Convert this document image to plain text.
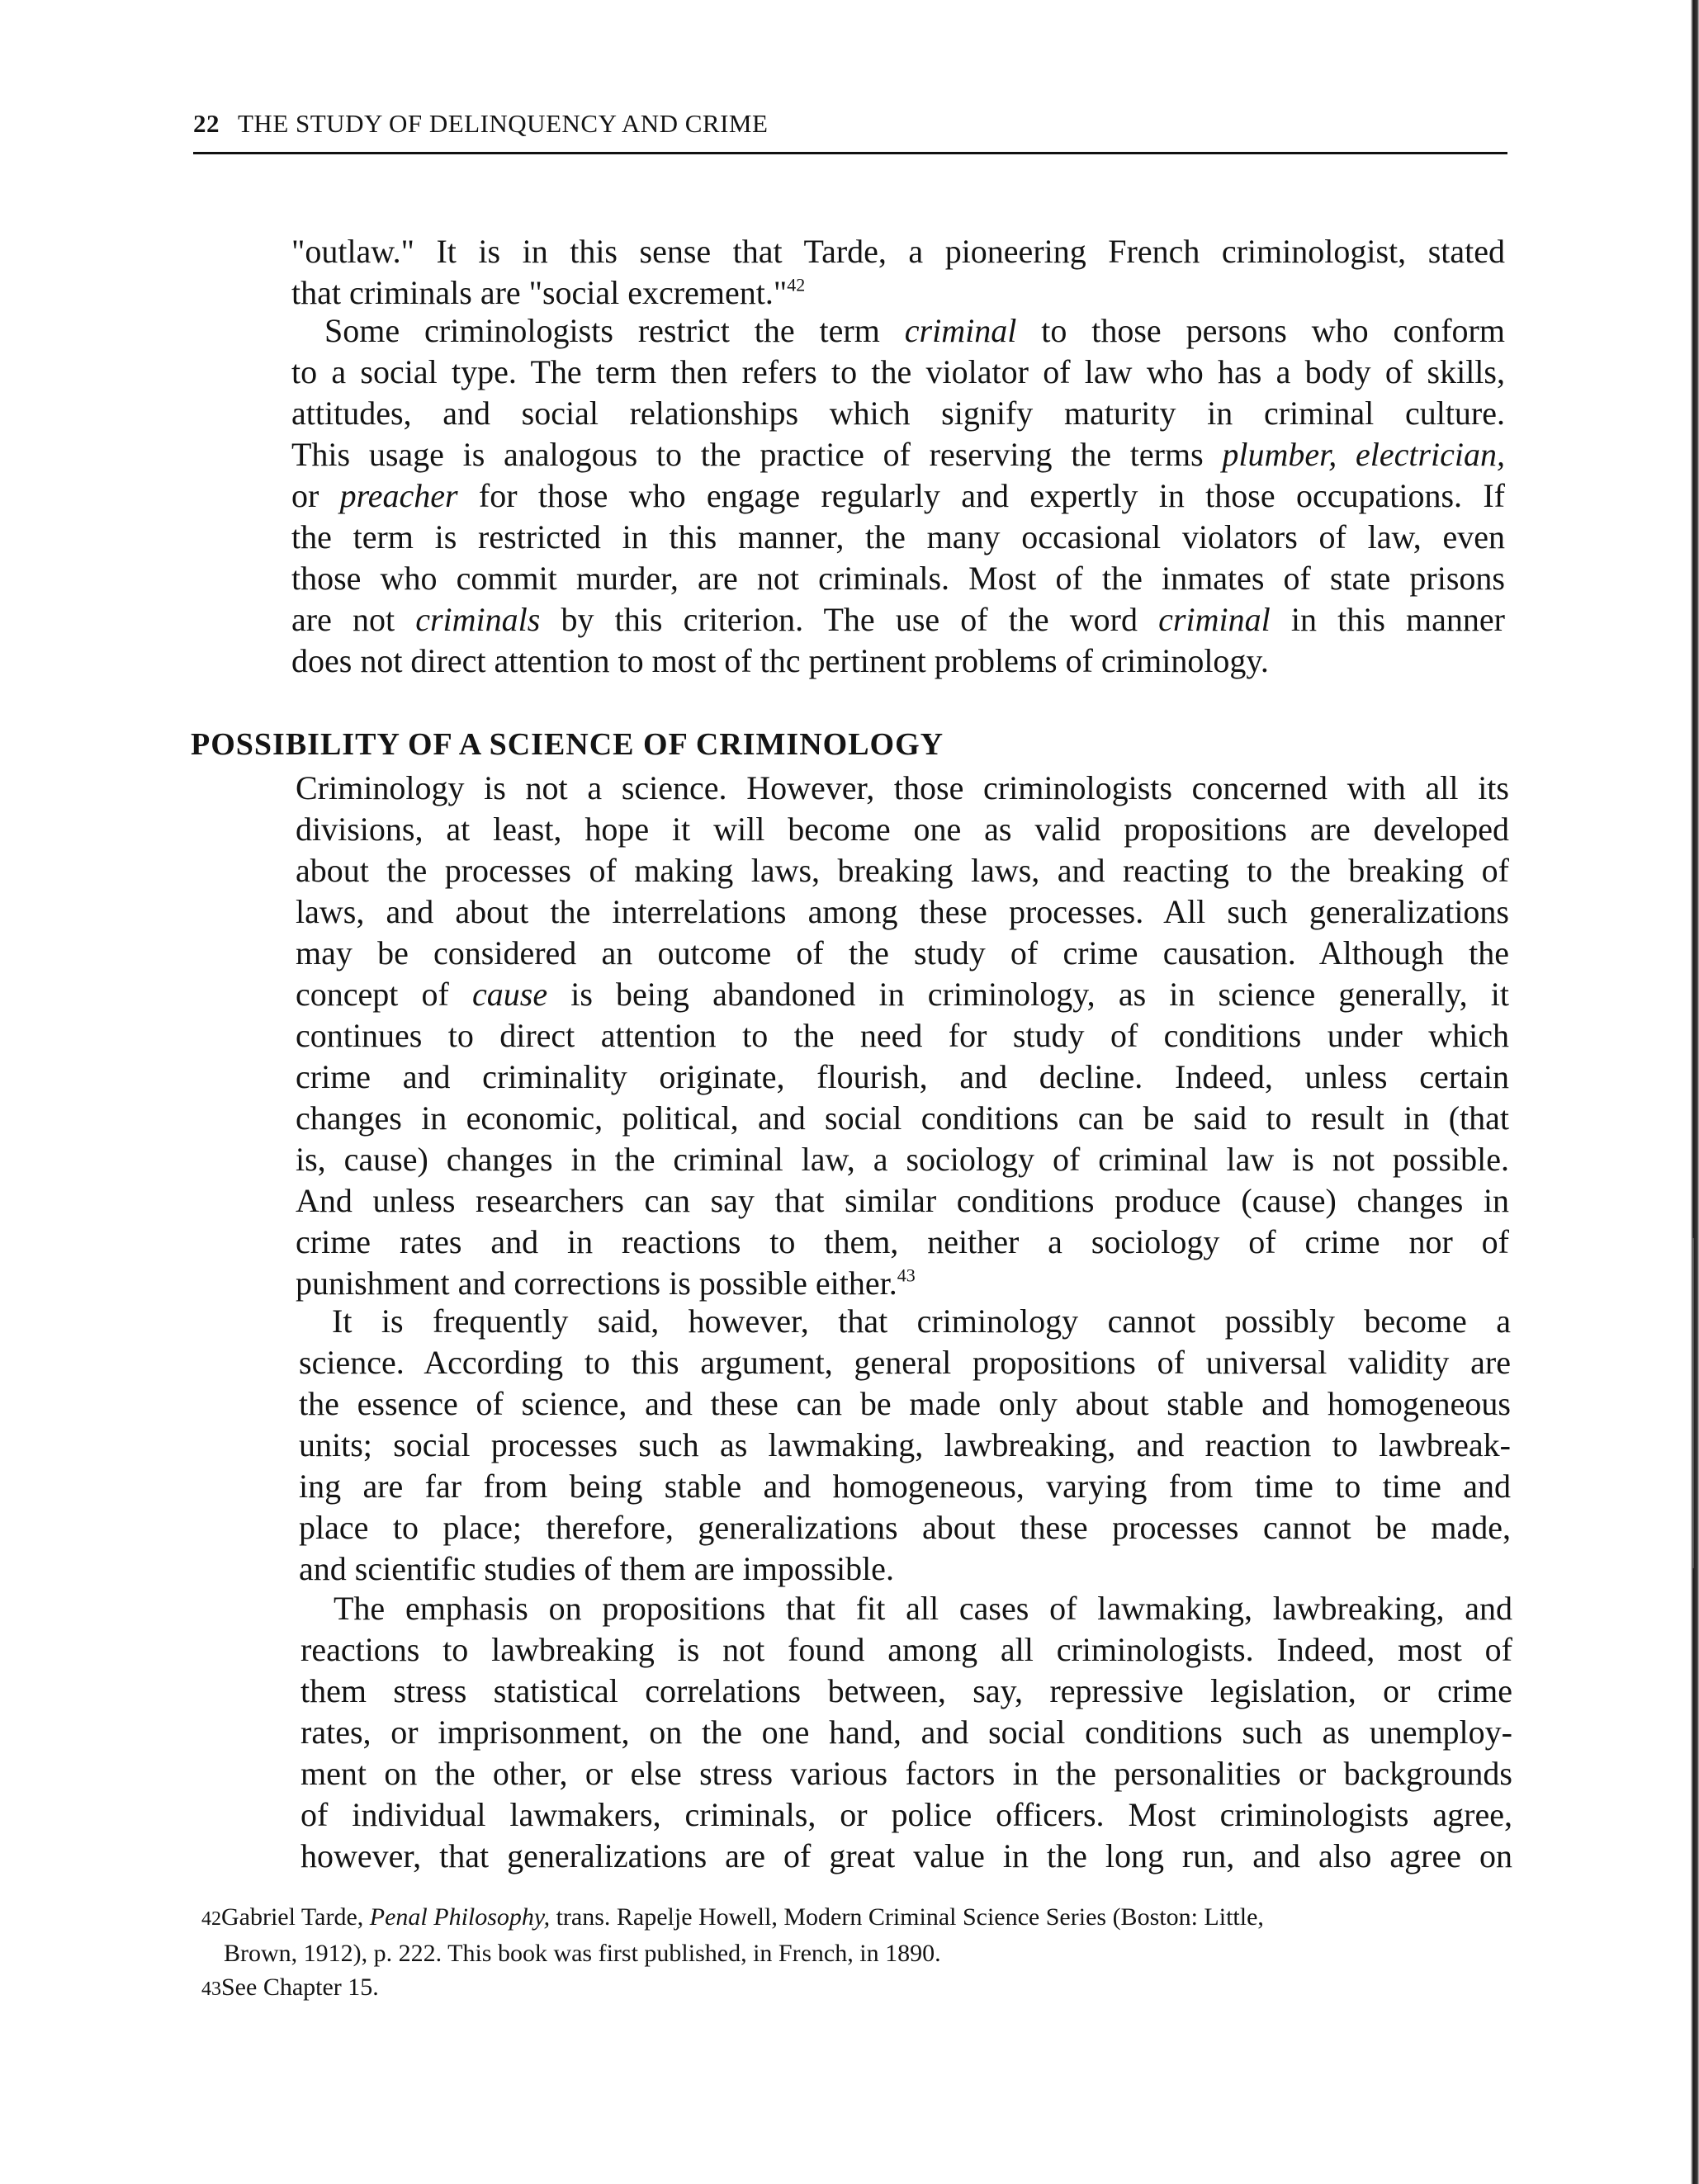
22 THE STUDY OF DELINQUENCY AND CRIME

"outlaw." It is in this sense that Tarde, a pioneering French criminologist, stated
that criminals are "social excrement."$^{42}$

Some criminologists restrict the term criminal to those persons who conform
to a social type. The term then refers to the violator of law who has a body of skills,
attitudes, and social relationships which signify maturity in criminal culture.
This usage is analogous to the practice of reserving the terms plumber, electrician,
or preacher for those who engage regularly and expertly in those occupations. If
the term is restricted in this manner, the many occasional violators of law, even
those who commit murder, are not criminals. Most of the inmates of state prisons
are not criminals by this criterion. The use of the word criminal in this manner
does not direct attention to most of thc pertinent problems of criminology.

POSSIBILITY OF A SCIENCE OF CRIMINOLOGY

Criminology is not a science. However, those criminologists concerned with all its
divisions, at least, hope it will become one as valid propositions are developed
about the processes of making laws, breaking laws, and reacting to the breaking of
laws, and about the interrelations among these processes. All such generalizations
may be considered an outcome of the study of crime causation. Although the
concept of cause is being abandoned in criminology, as in science generally, it
continues to direct attention to the need for study of conditions under which
crime and criminality originate, flourish, and decline. Indeed, unless certain
changes in economic, political, and social conditions can be said to result in (that
is, cause) changes in the criminal law, a sociology of criminal law is not possible.
And unless researchers can say that similar conditions produce (cause) changes in
crime rates and in reactions to them, neither a sociology of crime nor of
punishment and corrections is possible either.$^{43}$

It is frequently said, however, that criminology cannot possibly become a
science. According to this argument, general propositions of universal validity are
the essence of science, and these can be made only about stable and homogeneous
units; social processes such as lawmaking, lawbreaking, and reaction to lawbreak-
ing are far from being stable and homogeneous, varying from time to time and
place to place; therefore, generalizations about these processes cannot be made,
and scientific studies of them are impossible.

The emphasis on propositions that fit all cases of lawmaking, lawbreaking, and
reactions to lawbreaking is not found among all criminologists. Indeed, most of
them stress statistical correlations between, say, repressive legislation, or crime
rates, or imprisonment, on the one hand, and social conditions such as unemploy-
ment on the other, or else stress various factors in the personalities or backgrounds
of individual lawmakers, criminals, or police officers. Most criminologists agree,
however, that generalizations are of great value in the long run, and also agree on

42Gabriel Tarde, Penal Philosophy, trans. Rapelje Howell, Modern Criminal Science Series (Boston: Little,
Brown, 1912), p. 222. This book was first published, in French, in 1890.
43See Chapter 15.
